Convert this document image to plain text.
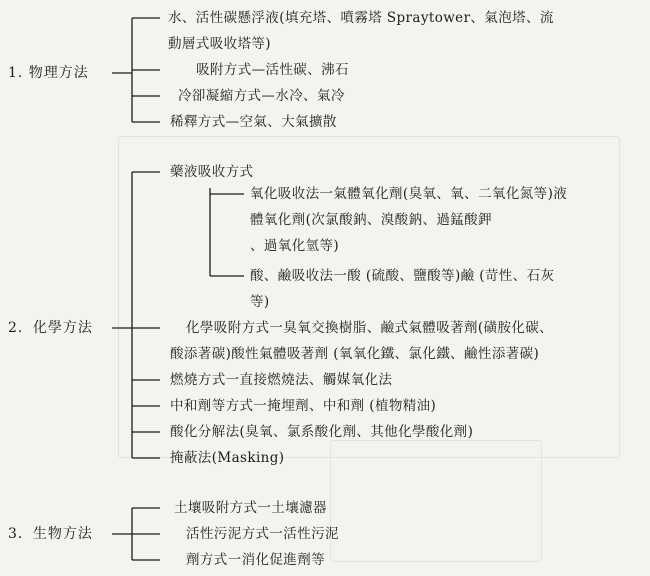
1. 物理方法
2．化學方法
3．生物方法
水、活性碳懸浮液(填充塔、噴霧塔 Spraytower、氣泡塔、流
動層式吸收塔等)
吸附方式—活性碳、沸石
冷卻凝縮方式—水冷、氣冷
稀釋方式—空氣、大氣擴散
藥液吸收方式
氧化吸收法一氣體氧化劑(臭氧、氧、二氧化氮等)液
體氧化劑(次氯酸鈉、溴酸鈉、過錳酸鉀
、過氧化氫等)
酸、鹼吸收法一酸 (硫酸、鹽酸等)鹼 (苛性、石灰
等)
化學吸附方式一臭氧交換樹脂、鹼式氣體吸著劑(磺胺化碳、
酸添著碳)酸性氣體吸著劑 (氧氧化鐵、氯化鐵、鹼性添著碳)
燃燒方式一直接燃燒法、觸媒氧化法
中和劑等方式一掩埋劑、中和劑 (植物精油)
酸化分解法(臭氧、氯系酸化劑、其他化學酸化劑)
掩蔽法(Masking)
土壤吸附方式一土壤濾器
活性污泥方式一活性污泥
劑方式一消化促進劑等
